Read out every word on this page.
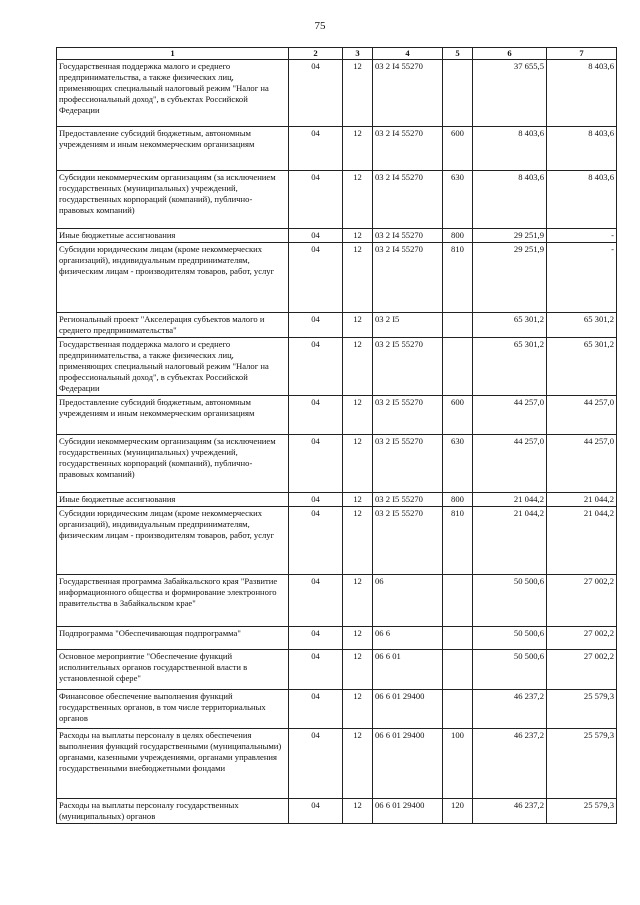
75
1	2	3	4	5	6	7
Государственная поддержка малого и среднего предпринимательства, а также физических лиц, применяющих специальный налоговый режим "Налог на профессиональный доход", в субъектах Российской Федерации	04	12	03 2 I4 55270		37 655,5	8 403,6
Предоставление субсидий бюджетным, автономным учреждениям и иным некоммерческим организациям	04	12	03 2 I4 55270	600	8 403,6	8 403,6
Субсидии некоммерческим организациям (за исключением государственных (муниципальных) учреждений, государственных корпораций (компаний), публично-правовых компаний)	04	12	03 2 I4 55270	630	8 403,6	8 403,6
Иные бюджетные ассигнования	04	12	03 2 I4 55270	800	29 251,9	-
Субсидии юридическим лицам (кроме некоммерческих организаций), индивидуальным предпринимателям, физическим лицам - производителям товаров, работ, услуг	04	12	03 2 I4 55270	810	29 251,9	-
Региональный проект "Акселерация субъектов малого и среднего предпринимательства"	04	12	03 2 I5		65 301,2	65 301,2
Государственная поддержка малого и среднего предпринимательства, а также физических лиц, применяющих специальный налоговый режим "Налог на профессиональный доход", в субъектах Российской Федерации	04	12	03 2 I5 55270		65 301,2	65 301,2
Предоставление субсидий бюджетным, автономным учреждениям и иным некоммерческим организациям	04	12	03 2 I5 55270	600	44 257,0	44 257,0
Субсидии некоммерческим организациям (за исключением государственных (муниципальных) учреждений, государственных корпораций (компаний), публично-правовых компаний)	04	12	03 2 I5 55270	630	44 257,0	44 257,0
Иные бюджетные ассигнования	04	12	03 2 I5 55270	800	21 044,2	21 044,2
Субсидии юридическим лицам (кроме некоммерческих организаций), индивидуальным предпринимателям, физическим лицам - производителям товаров, работ, услуг	04	12	03 2 I5 55270	810	21 044,2	21 044,2
Государственная программа Забайкальского края "Развитие информационного общества и формирование электронного правительства в Забайкальском крае"	04	12	06		50 500,6	27 002,2
Подпрограмма "Обеспечивающая подпрограмма"	04	12	06 6		50 500,6	27 002,2
Основное мероприятие "Обеспечение функций исполнительных органов государственной власти в установленной сфере"	04	12	06 6 01		50 500,6	27 002,2
Финансовое обеспечение выполнения функций государственных органов, в том числе территориальных органов	04	12	06 6 01 29400		46 237,2	25 579,3
Расходы на выплаты персоналу в целях обеспечения выполнения функций государственными (муниципальными) органами, казенными учреждениями, органами управления государственными внебюджетными фондами	04	12	06 6 01 29400	100	46 237,2	25 579,3
Расходы на выплаты персоналу государственных (муниципальных) органов	04	12	06 6 01 29400	120	46 237,2	25 579,3
